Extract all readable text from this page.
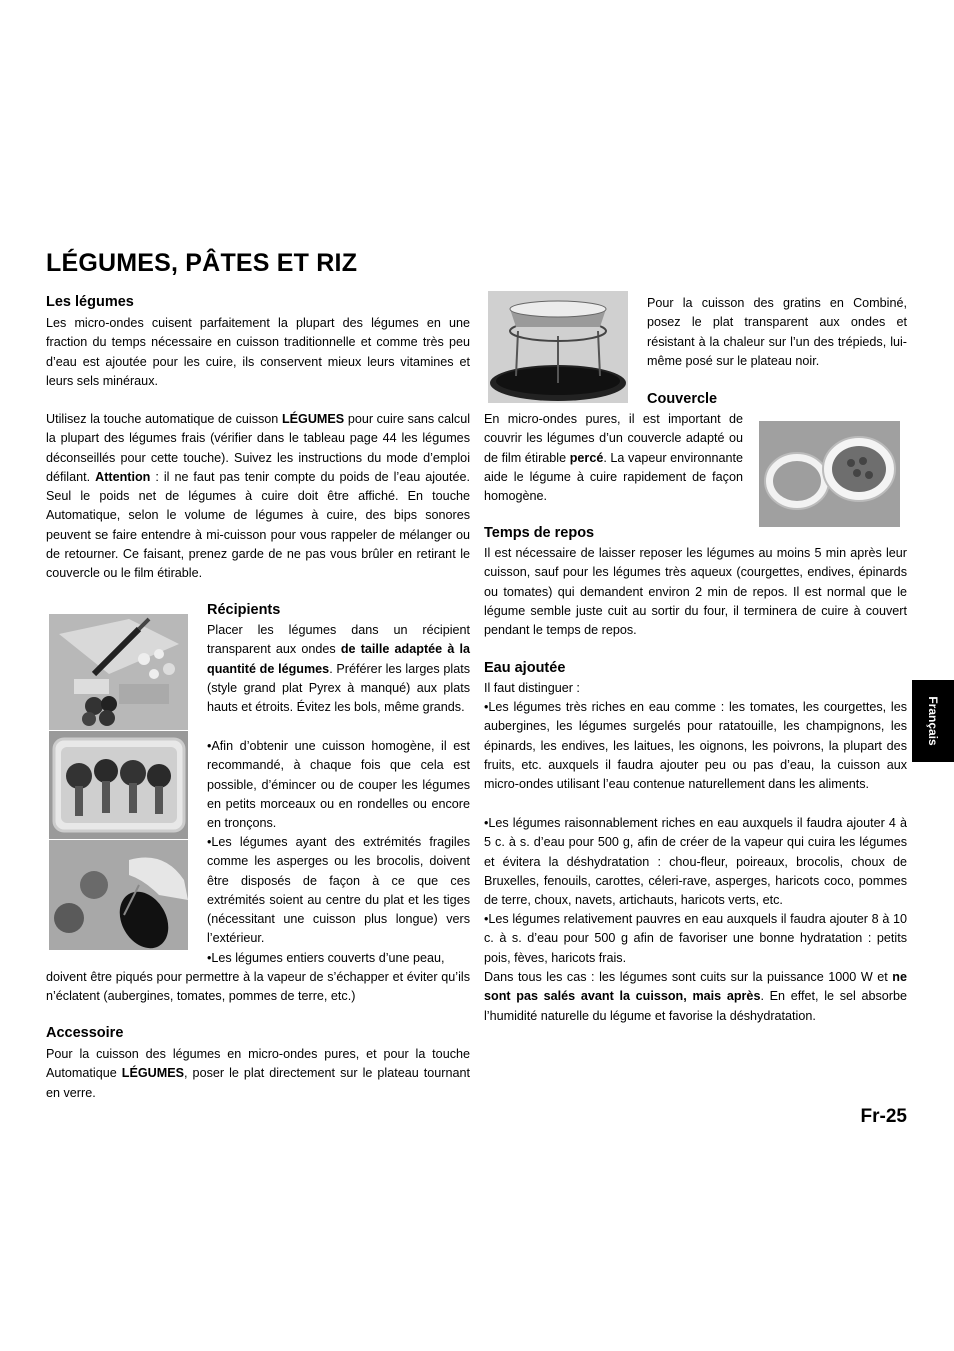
LÉGUMES, PÂTES ET RIZ
Les légumes
Les micro-ondes cuisent parfaitement la plupart des légumes en une fraction du temps nécessaire en cuisson traditionnelle et comme très peu d’eau est ajoutée pour les cuire, ils conservent mieux leurs vitamines et leurs sels minéraux.
Utilisez la touche automatique de cuisson LÉGUMES pour cuire sans calcul la plupart des légumes frais (vérifier dans le tableau page 44 les légumes déconseillés pour cette touche). Suivez les instructions du mode d’emploi défilant. Attention : il ne faut pas tenir compte du poids de l’eau ajoutée. Seul le poids net de légumes à cuire doit être affiché. En touche Automatique, selon le volume de légumes à cuire, des bips sonores peuvent se faire entendre à mi-cuisson pour vous rappeler de mélanger ou de retourner. Ce faisant, prenez garde de ne pas vous brûler en retirant le couvercle ou le film étirable.
Récipients
Placer les légumes dans un récipient transparent aux ondes de taille adaptée à la quantité de légumes. Préférer les larges plats (style grand plat Pyrex à manqué) aux plats hauts et étroits. Évitez les bols, même grands.
•Afin d’obtenir une cuisson homogène, il est recommandé, à chaque fois que cela est possible, d’émincer ou de couper les légumes en petits morceaux ou en rondelles ou encore en tronçons.
•Les légumes ayant des extrémités fragiles comme les asperges ou les brocolis, doivent être disposés de façon à ce que ces extrémités soient au centre du plat et les tiges (nécessitant une cuisson plus longue) vers l’extérieur.
•Les légumes entiers couverts d’une peau,
doivent être piqués pour permettre à la vapeur de s’échapper et éviter qu’ils n’éclatent (aubergines, tomates, pommes de terre, etc.)
Accessoire
Pour la cuisson des légumes en micro-ondes pures, et pour la touche Automatique LÉGUMES, poser le plat directement sur le plateau tournant en verre.
Pour la cuisson des gratins en Combiné, posez le plat transparent aux ondes et résistant à la chaleur sur l’un des trépieds, lui-même posé sur le plateau noir.
Couvercle
En micro-ondes pures, il est important de couvrir les légumes d’un couvercle adapté ou de film étirable percé. La vapeur environnante aide le légume à cuire rapidement de façon homogène.
Temps de repos
Il est nécessaire de laisser reposer les légumes au moins 5 min après leur cuisson, sauf pour les légumes très aqueux (courgettes, endives, épinards ou tomates) qui demandent environ 2 min de repos. Il est normal que le légume semble juste cuit au sortir du four, il terminera de cuire à couvert pendant le temps de repos.
Eau ajoutée
Il faut distinguer :
•Les légumes très riches en eau comme : les tomates, les courgettes, les aubergines, les légumes surgelés pour ratatouille, les champignons, les épinards, les endives, les laitues, les oignons, les poivrons, la plupart des fruits, etc. auxquels il faudra ajouter peu ou pas d’eau, la cuisson aux micro-ondes utilisant l’eau contenue naturellement dans les aliments.
•Les légumes raisonnablement riches en eau auxquels il faudra ajouter 4 à 5 c. à s. d’eau pour 500 g, afin de créer de la vapeur qui cuira les légumes et évitera la déshydratation : chou-fleur, poireaux, brocolis, choux de Bruxelles, fenouils, carottes, céleri-rave, asperges, haricots coco, pommes de terre, choux, navets, artichauts, haricots verts, etc.
•Les légumes relativement pauvres en eau auxquels il faudra ajouter 8 à 10 c. à s. d’eau pour 500 g afin de favoriser une bonne hydratation : petits pois, fèves, haricots frais.
Dans tous les cas : les légumes sont cuits sur la puissance 1000 W et ne sont pas salés avant la cuisson, mais après. En effet, le sel absorbe l’humidité naturelle du légume et favorise la déshydratation.
Français
Fr-25
